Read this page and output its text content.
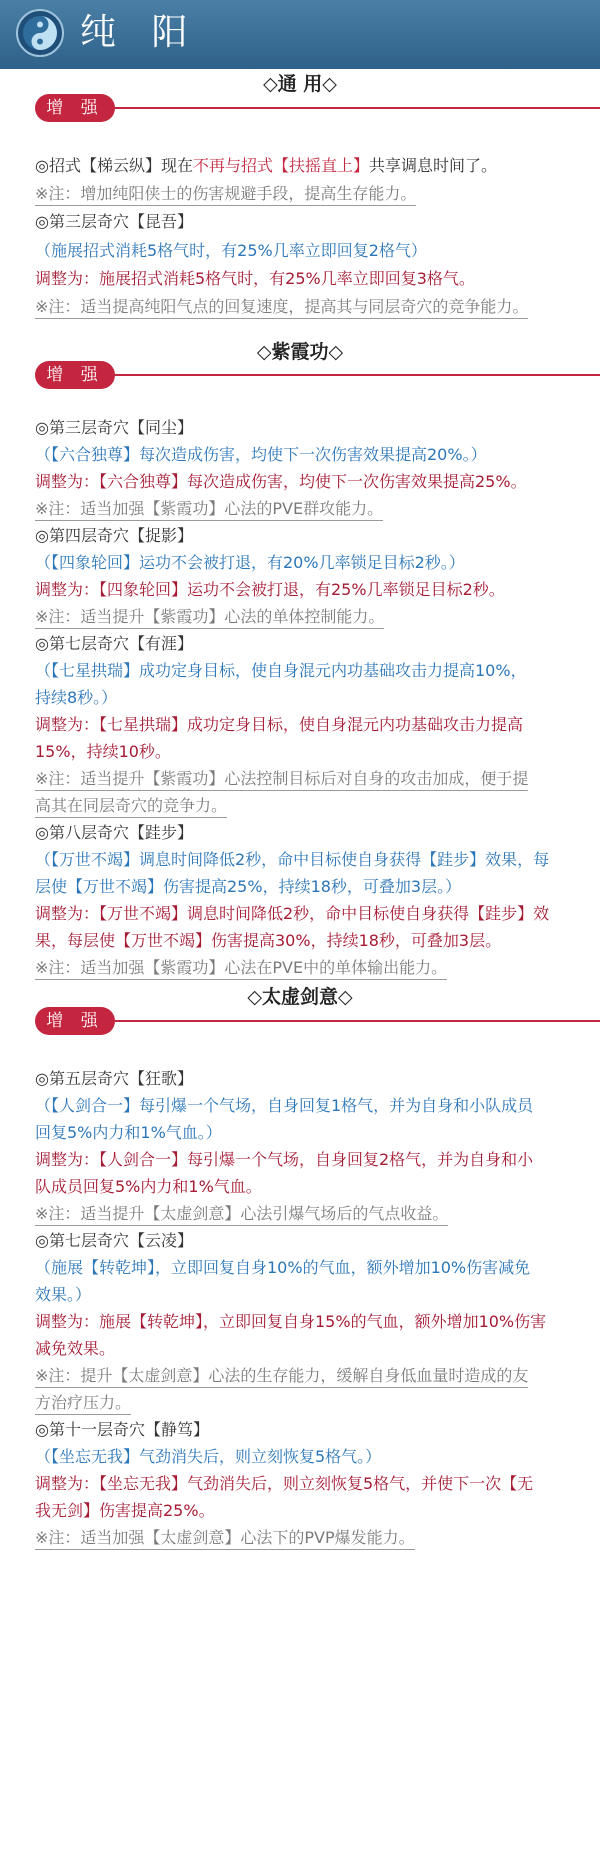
纯 阳
◇通 用◇
增 强
◎招式【梯云纵】现在不再与招式【扶摇直上】共享调息时间了。
※注：增加纯阳侠士的伤害规避手段，提高生存能力。
◎第三层奇穴【昆吾】
（施展招式消耗5格气时，有25%几率立即回复2格气）
调整为：施展招式消耗5格气时，有25%几率立即回复3格气。
※注：适当提高纯阳气点的回复速度，提高其与同层奇穴的竞争能力。
◇紫霞功◇
增 强
◎第三层奇穴【同尘】
（【六合独尊】每次造成伤害，均使下一次伤害效果提高20%。）
调整为：【六合独尊】每次造成伤害，均使下一次伤害效果提高25%。
※注：适当加强【紫霞功】心法的PVE群攻能力。
◎第四层奇穴【捉影】
（【四象轮回】运功不会被打退，有20%几率锁足目标2秒。）
调整为：【四象轮回】运功不会被打退，有25%几率锁足目标2秒。
※注：适当提升【紫霞功】心法的单体控制能力。
◎第七层奇穴【有涯】
（【七星拱瑞】成功定身目标，使自身混元内功基础攻击力提高10%，
持续8秒。）
调整为：【七星拱瑞】成功定身目标，使自身混元内功基础攻击力提高
15%，持续10秒。
※注：适当提升【紫霞功】心法控制目标后对自身的攻击加成，便于提
高其在同层奇穴的竞争力。
◎第八层奇穴【跬步】
（【万世不竭】调息时间降低2秒，命中目标使自身获得【跬步】效果，每
层使【万世不竭】伤害提高25%，持续18秒，可叠加3层。）
调整为：【万世不竭】调息时间降低2秒，命中目标使自身获得【跬步】效
果，每层使【万世不竭】伤害提高30%，持续18秒，可叠加3层。
※注：适当加强【紫霞功】心法在PVE中的单体输出能力。
◇太虚剑意◇
增 强
◎第五层奇穴【狂歌】
（【人剑合一】每引爆一个气场，自身回复1格气，并为自身和小队成员
回复5%内力和1%气血。）
调整为：【人剑合一】每引爆一个气场，自身回复2格气，并为自身和小
队成员回复5%内力和1%气血。
※注：适当提升【太虚剑意】心法引爆气场后的气点收益。
◎第七层奇穴【云凌】
（施展【转乾坤】，立即回复自身10%的气血，额外增加10%伤害减免
效果。）
调整为：施展【转乾坤】，立即回复自身15%的气血，额外增加10%伤害
减免效果。
※注：提升【太虚剑意】心法的生存能力，缓解自身低血量时造成的友
方治疗压力。
◎第十一层奇穴【静笃】
（【坐忘无我】气劲消失后，则立刻恢复5格气。）
调整为：【坐忘无我】气劲消失后，则立刻恢复5格气，并使下一次【无
我无剑】伤害提高25%。
※注：适当加强【太虚剑意】心法下的PVP爆发能力。
